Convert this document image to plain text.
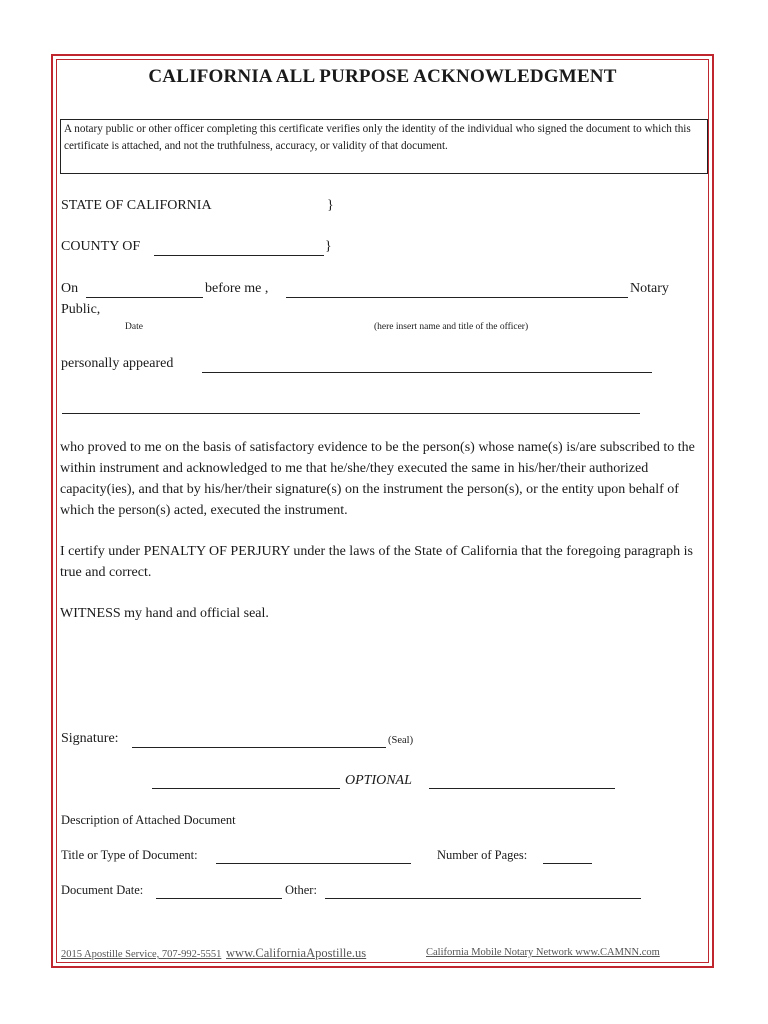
CALIFORNIA ALL PURPOSE ACKNOWLEDGMENT
A notary public or other officer completing this certificate verifies only the identity of the individual who signed the document to which this certificate is attached, and not the truthfulness, accuracy, or validity of that document.
STATE OF CALIFORNIA	}
COUNTY OF	}
On	before me ,	Notary
Public,
Date	(here insert name and title of the officer)
personally appeared
who proved to me on the basis of satisfactory evidence to be the person(s) whose name(s) is/are subscribed to the within instrument and acknowledged to me that he/she/they executed the same in his/her/their authorized capacity(ies), and that by his/her/their signature(s) on the instrument the person(s), or the entity upon behalf of which the person(s) acted, executed the instrument.
I certify under PENALTY OF PERJURY under the laws of the State of California that the foregoing paragraph is true and correct.
WITNESS my hand and official seal.
Signature:	(Seal)
OPTIONAL
Description of Attached Document
Title or Type of Document:	Number of Pages:
Document Date:	Other:
2015 Apostille Service, 707-992-5551 www.CaliforniaApostille.us	California Mobile Notary Network www.CAMNN.com
